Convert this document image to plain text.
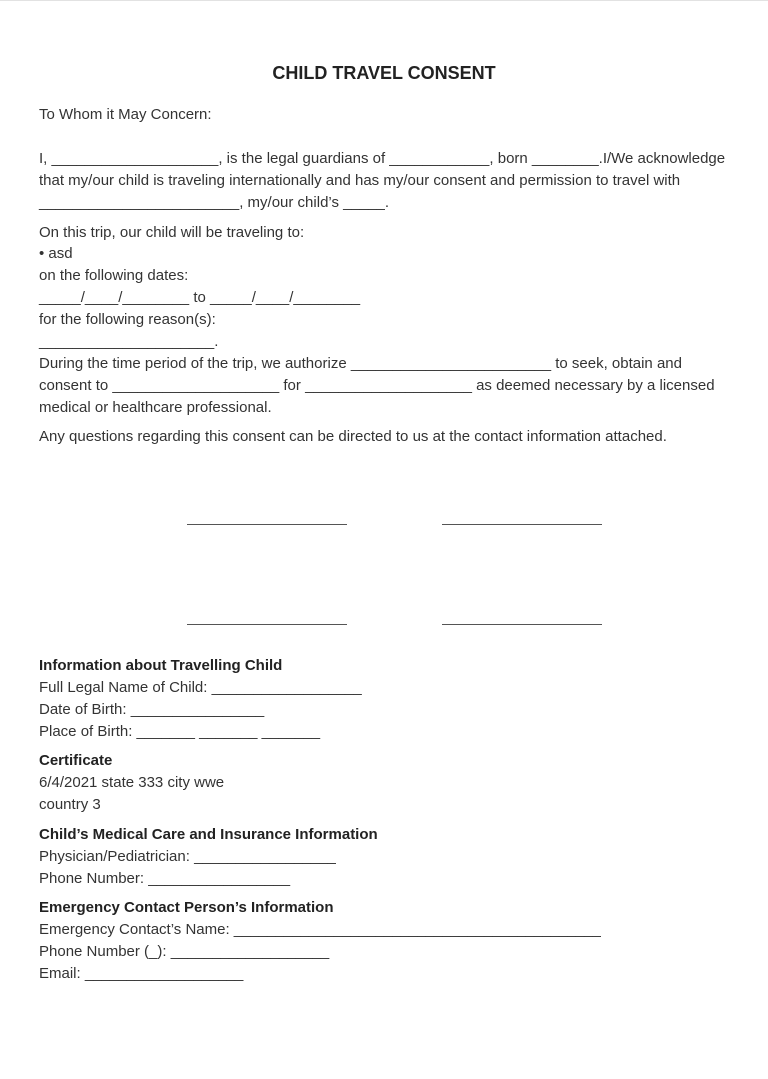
CHILD TRAVEL CONSENT
To Whom it May Concern:
I, ____________________, is the legal guardians of ____________, born ________.I/We acknowledge
that my/our child is traveling internationally and has my/our consent and permission to travel with
________________________, my/our child’s _____.
On this trip, our child will be traveling to:
• asd
on the following dates:
_____/____/________ to _____/____/________
for the following reason(s):
_____________________.
During the time period of the trip, we authorize ________________________ to seek, obtain and
consent to ____________________ for ____________________ as deemed necessary by a licensed
medical or healthcare professional.
Any questions regarding this consent can be directed to us at the contact information attached.
Information about Travelling Child
Full Legal Name of Child: __________________
Date of Birth: ________________
Place of Birth: _______ _______ _______
Certificate
6/4/2021 state 333 city wwe
country 3
Child’s Medical Care and Insurance Information
Physician/Pediatrician: _________________
Phone Number: _________________
Emergency Contact Person’s Information
Emergency Contact’s Name: ____________________________________________
Phone Number (_): ___________________
Email: ___________________
